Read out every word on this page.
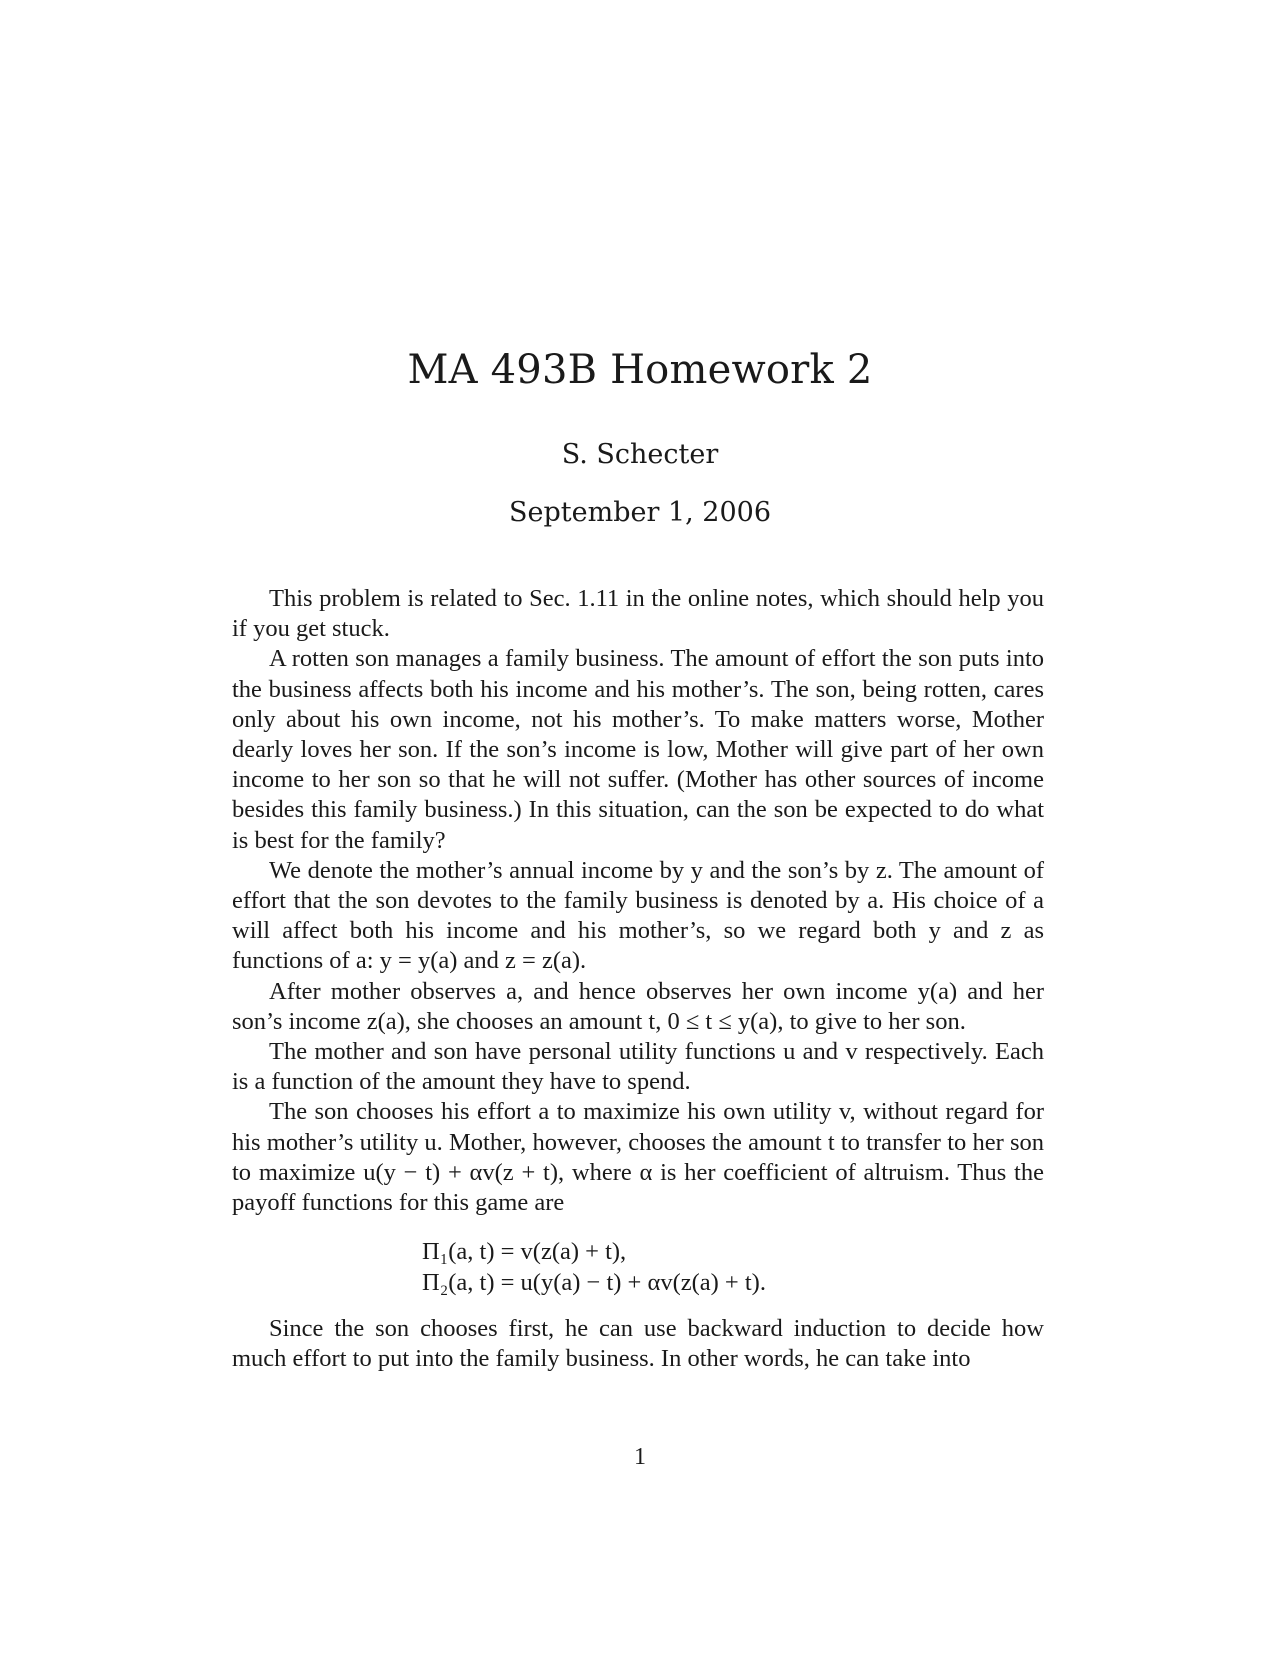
MA 493B Homework 2
S. Schecter
September 1, 2006

This problem is related to Sec. 1.11 in the online notes, which should help you if you get stuck.

A rotten son manages a family business. The amount of effort the son puts into the business affects both his income and his mother’s. The son, being rotten, cares only about his own income, not his mother’s. To make matters worse, Mother dearly loves her son. If the son’s income is low, Mother will give part of her own income to her son so that he will not suffer. (Mother has other sources of income besides this family business.) In this situation, can the son be expected to do what is best for the family?

We denote the mother’s annual income by y and the son’s by z. The amount of effort that the son devotes to the family business is denoted by a. His choice of a will affect both his income and his mother’s, so we regard both y and z as functions of a: y = y(a) and z = z(a).

After mother observes a, and hence observes her own income y(a) and her son’s income z(a), she chooses an amount t, 0 ≤ t ≤ y(a), to give to her son.

The mother and son have personal utility functions u and v respectively. Each is a function of the amount they have to spend.

The son chooses his effort a to maximize his own utility v, without regard for his mother’s utility u. Mother, however, chooses the amount t to transfer to her son to maximize u(y − t) + αv(z + t), where α is her coefficient of altruism. Thus the payoff functions for this game are

Π₁(a, t) = v(z(a) + t),
Π₂(a, t) = u(y(a) − t) + αv(z(a) + t).

Since the son chooses first, he can use backward induction to decide how much effort to put into the family business. In other words, he can take into

1
